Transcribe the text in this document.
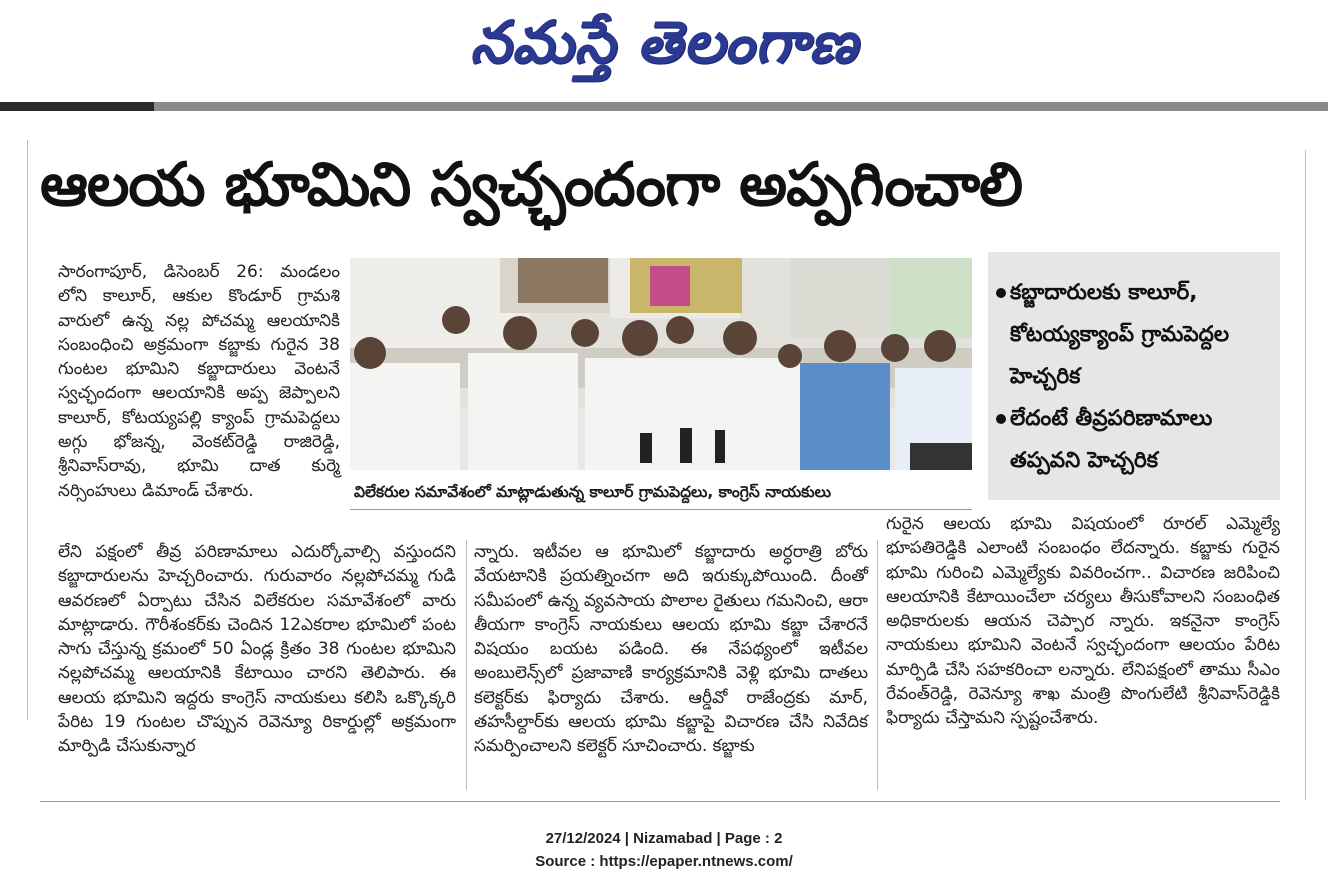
నమస్తే తెలంగాణ
ఆలయ భూమిని స్వచ్ఛందంగా అప్పగించాలి

సారంగాపూర్, డిసెంబర్ 26: మండలం లోని కాలూర్, ఆకుల కొండూర్ గ్రామశి వారులో ఉన్న నల్ల పోచమ్మ ఆలయానికి సంబంధించి అక్రమంగా కబ్జాకు గురైన 38 గుంటల భూమిని కబ్జాదారులు వెంటనే స్వచ్ఛందంగా ఆలయానికి అప్ప జెప్పాలని కాలూర్, కోటయ్యపల్లి క్యాంప్ గ్రామపెద్దలు అగ్గు భోజన్న, వెంకట్‌రెడ్డి రాజిరెడ్డి, శ్రీనివాస్‌రావు, భూమి దాత కుర్మె నర్సింహులు డిమాండ్ చేశారు.	విలేకరుల సమావేశంలో మాట్లాడుతున్న కాలూర్ గ్రామపెద్దలు, కాంగ్రెస్ నాయకులు
కబ్జాదారులకు కాలూర్, కోటయ్యక్యాంప్ గ్రామపెద్దల హెచ్చరిక
లేదంటే తీవ్రపరిణామాలు తప్పవని హెచ్చరిక

లేని పక్షంలో తీవ్ర పరిణామాలు ఎదుర్కోవాల్సి వస్తుందని కబ్జాదారులను హెచ్చరించారు. గురువారం నల్లపోచమ్మ గుడి ఆవరణలో ఏర్పాటు చేసిన విలేకరుల సమావేశంలో వారు మాట్లాడారు. గౌరీశంకర్‌కు చెందిన 12ఎకరాల భూమిలో పంట సాగు చేస్తున్న క్రమంలో 50 ఏండ్ల క్రితం 38 గుంటల భూమిని నల్లపోచమ్మ ఆలయానికి కేటాయిం చారని తెలిపారు. ఈ ఆలయ భూమిని ఇద్దరు కాంగ్రెస్ నాయకులు కలిసి ఒక్కొక్కరి పేరిట 19 గుంటల చొప్పున రెవెన్యూ రికార్డుల్లో అక్రమంగా మార్పిడి చేసుకున్నార

న్నారు. ఇటీవల ఆ భూమిలో కబ్జాదారు అర్ధరాత్రి బోరు వేయటానికి ప్రయత్నించగా అది ఇరుక్కుపోయింది. దీంతో సమీపంలో ఉన్న వ్యవసాయ పొలాల రైతులు గమనించి, ఆరా తీయగా కాంగ్రెస్ నాయకులు ఆలయ భూమి కబ్జా చేశారనే విషయం బయట పడింది. ఈ నేపథ్యంలో ఇటీవల అంబులెన్స్‌లో ప్రజావాణి కార్యక్రమానికి వెళ్లి భూమి దాతలు కలెక్టర్‌కు ఫిర్యాదు చేశారు. ఆర్డీవో రాజేంద్రకు మార్, తహసీల్దార్‌కు ఆలయ భూమి కబ్జాపై విచారణ చేసి నివేదిక సమర్పించాలని కలెక్టర్ సూచించారు. కబ్జాకు

గురైన ఆలయ భూమి విషయంలో రూరల్ ఎమ్మెల్యే భూపతిరెడ్డికి ఎలాంటి సంబంధం లేదన్నారు. కబ్జాకు గురైన భూమి గురించి ఎమ్మెల్యేకు వివరించగా.. విచారణ జరిపించి ఆలయానికి కేటాయించేలా చర్యలు తీసుకోవాలని సంబంధిత అధికారులకు ఆయన చెప్పార న్నారు. ఇకనైనా కాంగ్రెస్ నాయకులు భూమిని వెంటనే స్వచ్ఛందంగా ఆలయం పేరిట మార్పిడి చేసి సహకరించా లన్నారు. లేనిపక్షంలో తాము సీఎం రేవంత్‌రెడ్డి, రెవెన్యూ శాఖ మంత్రి పొంగులేటి శ్రీనివాస్‌రెడ్డికి ఫిర్యాదు చేస్తామని స్పష్టంచేశారు.

27/12/2024 | Nizamabad | Page : 2
Source : https://epaper.ntnews.com/
